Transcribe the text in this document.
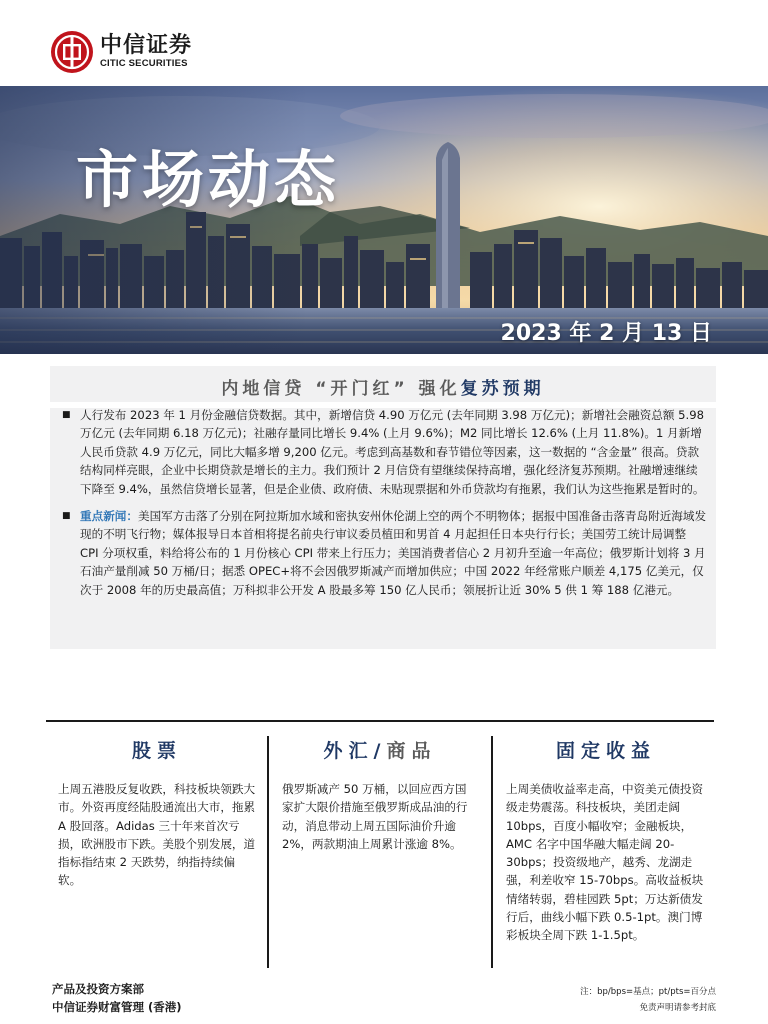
中信证券
CITIC SECURITIES
市场动态
2023 年 2 月 13 日
内地信贷 “开门红” 强化复苏预期
■ 人行发布 2023 年 1 月份金融信贷数据。其中，新增信贷 4.90 万亿元 (去年同期 3.98 万亿元)；新增社会融资总额 5.98 万亿元 (去年同期 6.18 万亿元)；社融存量同比增长 9.4% (上月 9.6%)；M2 同比增长 12.6% (上月 11.8%)。1 月新增人民币贷款 4.9 万亿元，同比大幅多增 9,200 亿元。考虑到高基数和春节错位等因素，这一数据的 “含金量” 很高。贷款结构同样亮眼，企业中长期贷款是增长的主力。我们预计 2 月信贷有望继续保持高增，强化经济复苏预期。社融增速继续下降至 9.4%，虽然信贷增长显著，但是企业债、政府债、未贴现票据和外币贷款均有拖累，我们认为这些拖累是暂时的。
■ 重点新闻：美国军方击落了分别在阿拉斯加水域和密执安州休伦湖上空的两个不明物体；据报中国准备击落青岛附近海域发现的不明飞行物；媒体报导日本首相将提名前央行审议委员植田和男首 4 月起担任日本央行行长；美国劳工统计局调整 CPI 分项权重，料给将公布的 1 月份核心 CPI 带来上行压力；美国消费者信心 2 月初升至逾一年高位；俄罗斯计划将 3 月石油产量削减 50 万桶/日；据悉 OPEC+将不会因俄罗斯减产而增加供应；中国 2022 年经常账户顺差 4,175 亿美元，仅次于 2008 年的历史最高值；万科拟非公开发 A 股最多筹 150 亿人民币；领展折让近 30% 5 供 1 筹 188 亿港元。
股票
上周五港股反复收跌，科技板块领跌大市。外资再度经陆股通流出大市，拖累 A 股回落。Adidas 三十年来首次亏损，欧洲股市下跌。美股个别发展，道指标指结束 2 天跌势，纳指持续偏软。
外汇/商品
俄罗斯减产 50 万桶，以回应西方国家扩大限价措施至俄罗斯成品油的行动，消息带动上周五国际油价升逾 2%，两款期油上周累计涨逾 8%。
固定收益
上周美债收益率走高，中资美元债投资级走势震荡。科技板块，美团走阔 10bps，百度小幅收窄；金融板块，AMC 名字中国华融大幅走阔 20-30bps；投资级地产，越秀、龙湖走强，利差收窄 15-70bps。高收益板块情绪转弱，碧桂园跌 5pt；万达新债发行后，曲线小幅下跌 0.5-1pt。澳门博彩板块全周下跌 1-1.5pt。
产品及投资方案部
中信证券财富管理 (香港)
注：bp/bps=基点；pt/pts=百分点
免责声明请参考封底
